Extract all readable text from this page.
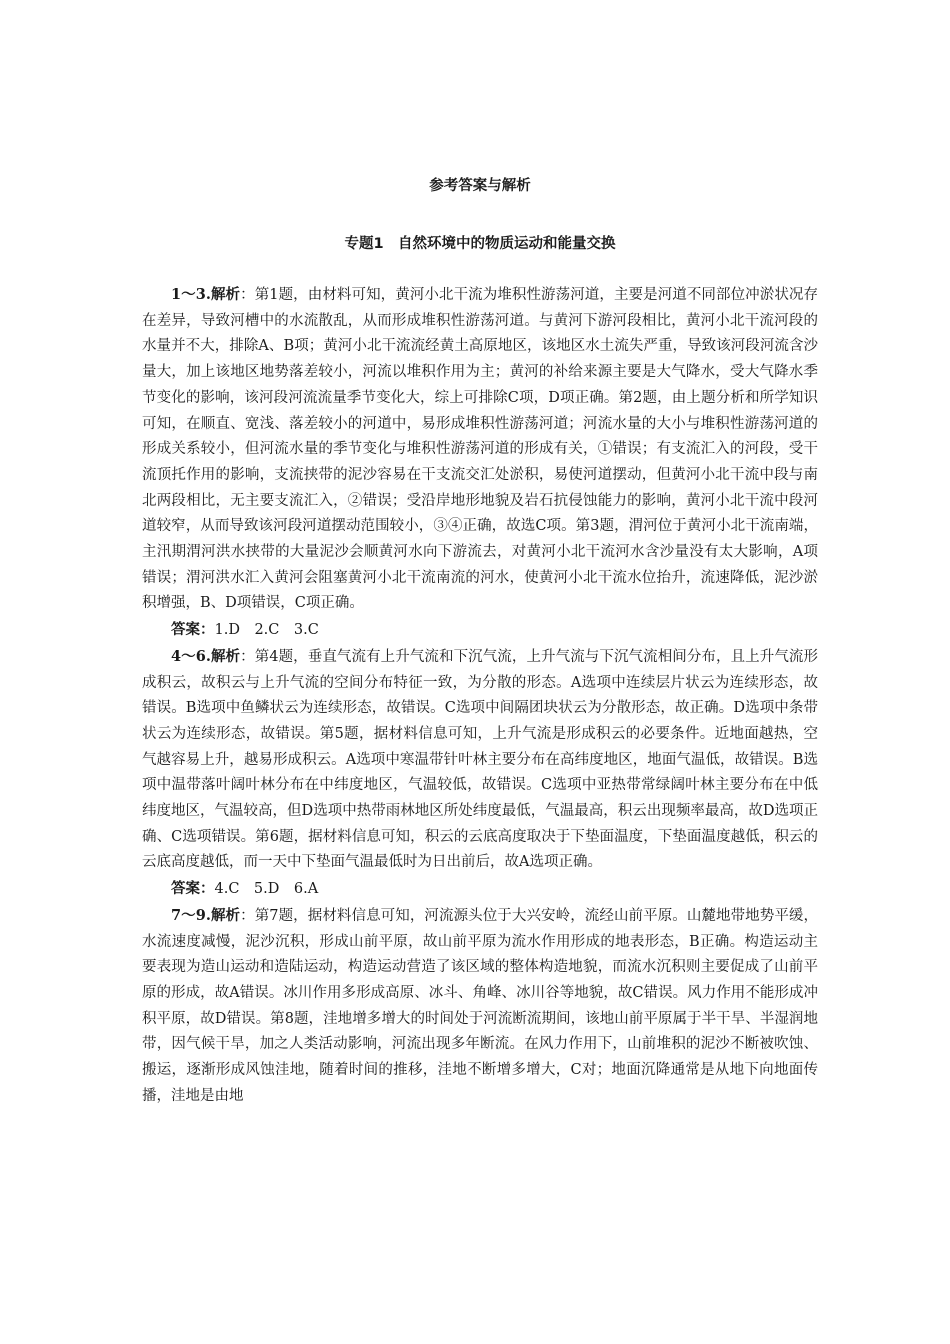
参考答案与解析
专题1　自然环境中的物质运动和能量交换

1～3.解析：第1题，由材料可知，黄河小北干流为堆积性游荡河道，主要是河道不同部位冲淤状况存在差异，导致河槽中的水流散乱，从而形成堆积性游荡河道。与黄河下游河段相比，黄河小北干流河段的水量并不大，排除A、B项；黄河小北干流流经黄土高原地区，该地区水土流失严重，导致该河段河流含沙量大，加上该地区地势落差较小，河流以堆积作用为主；黄河的补给来源主要是大气降水，受大气降水季节变化的影响，该河段河流流量季节变化大，综上可排除C项，D项正确。第2题，由上题分析和所学知识可知，在顺直、宽浅、落差较小的河道中，易形成堆积性游荡河道；河流水量的大小与堆积性游荡河道的形成关系较小，但河流水量的季节变化与堆积性游荡河道的形成有关，①错误；有支流汇入的河段，受干流顶托作用的影响，支流挟带的泥沙容易在干支流交汇处淤积，易使河道摆动，但黄河小北干流中段与南北两段相比，无主要支流汇入，②错误；受沿岸地形地貌及岩石抗侵蚀能力的影响，黄河小北干流中段河道较窄，从而导致该河段河道摆动范围较小，③④正确，故选C项。第3题，渭河位于黄河小北干流南端，主汛期渭河洪水挟带的大量泥沙会顺黄河水向下游流去，对黄河小北干流河水含沙量没有太大影响，A项错误；渭河洪水汇入黄河会阻塞黄河小北干流南流的河水，使黄河小北干流水位抬升，流速降低，泥沙淤积增强，B、D项错误，C项正确。

答案：1.D　2.C　3.C

4～6.解析：第4题，垂直气流有上升气流和下沉气流，上升气流与下沉气流相间分布，且上升气流形成积云，故积云与上升气流的空间分布特征一致，为分散的形态。A选项中连续层片状云为连续形态，故错误。B选项中鱼鳞状云为连续形态，故错误。C选项中间隔团块状云为分散形态，故正确。D选项中条带状云为连续形态，故错误。第5题，据材料信息可知，上升气流是形成积云的必要条件。近地面越热，空气越容易上升，越易形成积云。A选项中寒温带针叶林主要分布在高纬度地区，地面气温低，故错误。B选项中温带落叶阔叶林分布在中纬度地区，气温较低，故错误。C选项中亚热带常绿阔叶林主要分布在中低纬度地区，气温较高，但D选项中热带雨林地区所处纬度最低，气温最高，积云出现频率最高，故D选项正确、C选项错误。第6题，据材料信息可知，积云的云底高度取决于下垫面温度，下垫面温度越低，积云的云底高度越低，而一天中下垫面气温最低时为日出前后，故A选项正确。

答案：4.C　5.D　6.A

7～9.解析：第7题，据材料信息可知，河流源头位于大兴安岭，流经山前平原。山麓地带地势平缓，水流速度减慢，泥沙沉积，形成山前平原，故山前平原为流水作用形成的地表形态，B正确。构造运动主要表现为造山运动和造陆运动，构造运动营造了该区域的整体构造地貌，而流水沉积则主要促成了山前平原的形成，故A错误。冰川作用多形成高原、冰斗、角峰、冰川谷等地貌，故C错误。风力作用不能形成冲积平原，故D错误。第8题，洼地增多增大的时间处于河流断流期间，该地山前平原属于半干旱、半湿润地带，因气候干旱，加之人类活动影响，河流出现多年断流。在风力作用下，山前堆积的泥沙不断被吹蚀、搬运，逐渐形成风蚀洼地，随着时间的推移，洼地不断增多增大，C对；地面沉降通常是从地下向地面传播，洼地是由地
